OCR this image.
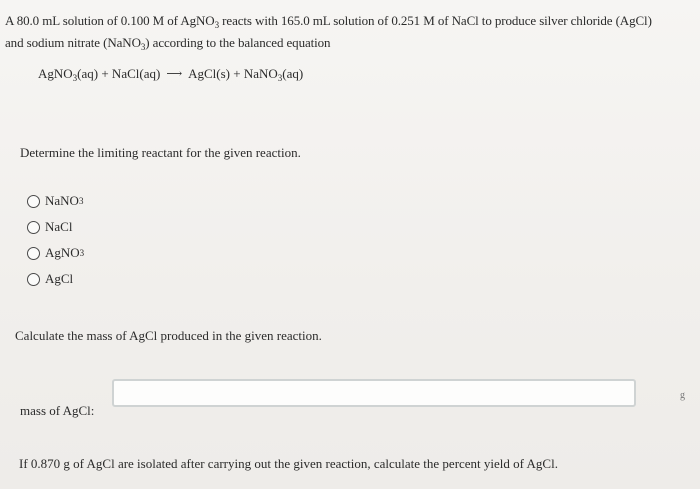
A 80.0 mL solution of 0.100 M of AgNO$_3$ reacts with 165.0 mL solution of 0.251 M of NaCl to produce silver chloride (AgCl)

and sodium nitrate (NaNO$_3$) according to the balanced equation

AgNO$_3$(aq) + NaCl(aq) ⟶ AgCl(s) + NaNO$_3$(aq)
Determine the limiting reactant for the given reaction.
NaNO 3
NaCl
AgNO 3
AgCl
Calculate the mass of AgCl produced in the given reaction.
mass of AgCl:
g
If 0.870 g of AgCl are isolated after carrying out the given reaction, calculate the percent yield of AgCl.
